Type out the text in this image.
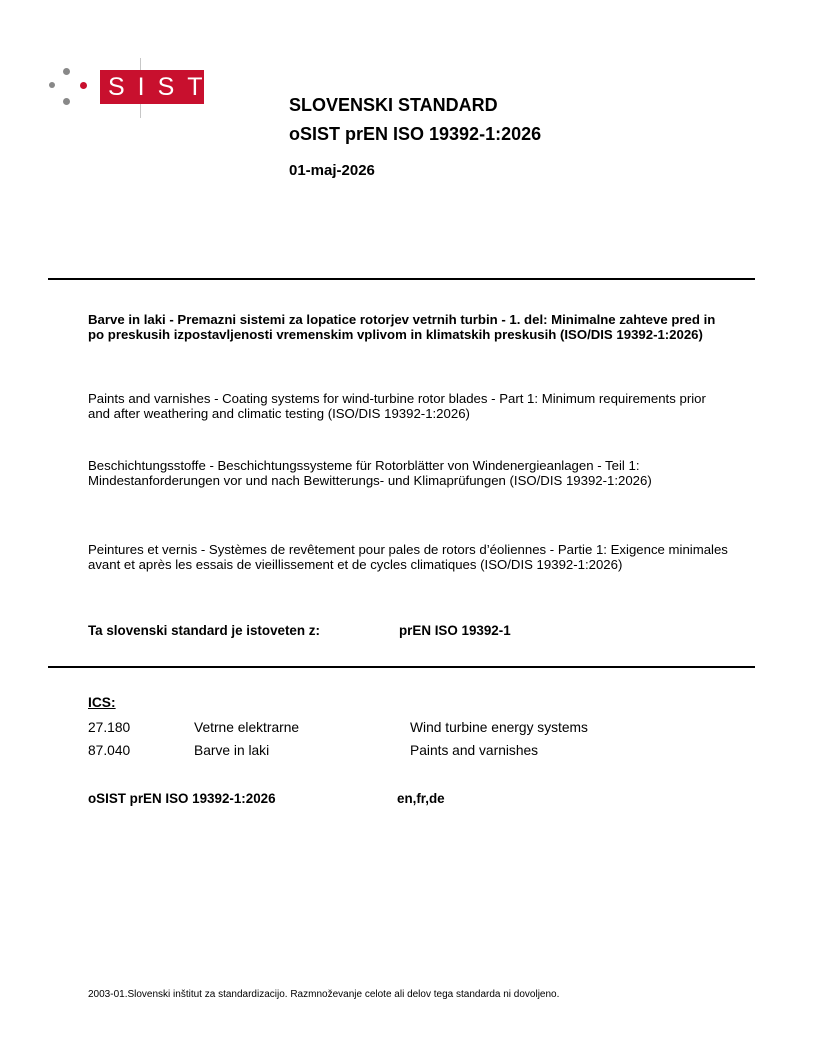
SIST
SLOVENSKI STANDARD
oSIST prEN ISO 19392-1:2026
01-maj-2026
Barve in laki - Premazni sistemi za lopatice rotorjev vetrnih turbin - 1. del: Minimalne zahteve pred in po preskusih izpostavljenosti vremenskim vplivom in klimatskih preskusih (ISO/DIS 19392-1:2026)
Paints and varnishes - Coating systems for wind-turbine rotor blades - Part 1: Minimum requirements prior and after weathering and climatic testing (ISO/DIS 19392-1:2026)
Beschichtungsstoffe - Beschichtungssysteme für Rotorblätter von Windenergieanlagen - Teil 1: Mindestanforderungen vor und nach Bewitterungs- und Klimaprüfungen (ISO/DIS 19392-1:2026)
Peintures et vernis - Systèmes de revêtement pour pales de rotors d’éoliennes - Partie 1: Exigence minimales avant et après les essais de vieillissement et de cycles climatiques (ISO/DIS 19392-1:2026)
Ta slovenski standard je istoveten z:	prEN ISO 19392-1
ICS:
27.180	Vetrne elektrarne	Wind turbine energy systems
87.040	Barve in laki	Paints and varnishes
oSIST prEN ISO 19392-1:2026	en,fr,de
2003-01.Slovenski inštitut za standardizacijo. Razmnoževanje celote ali delov tega standarda ni dovoljeno.
